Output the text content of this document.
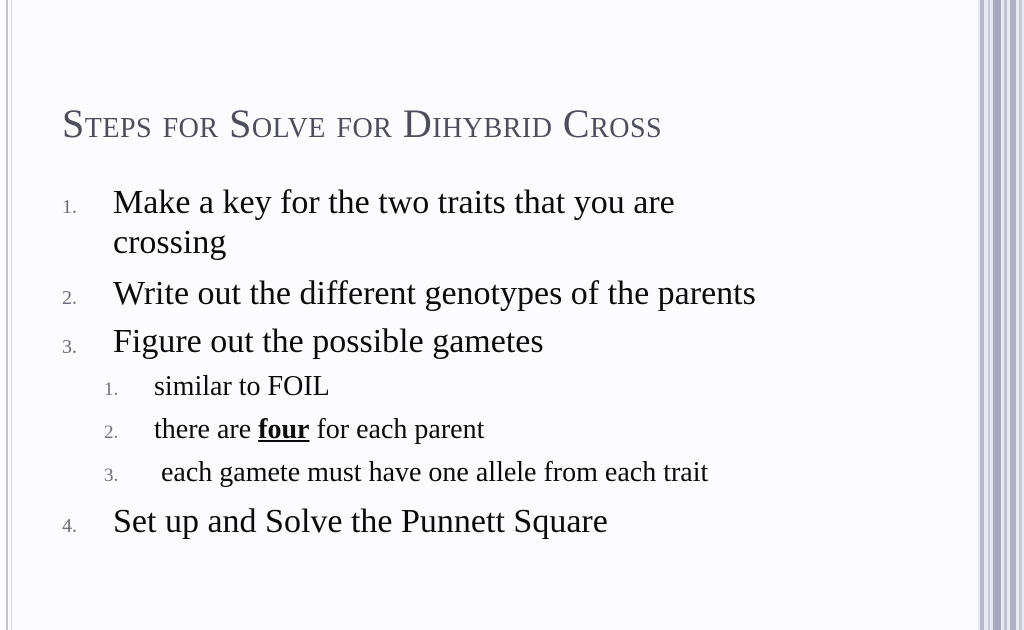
Steps for Solve for Dihybrid Cross
1. Make a key for the two traits that you are
crossing
2. Write out the different genotypes of the parents
3. Figure out the possible gametes
1. similar to FOIL
2. there are four for each parent
3. each gamete must have one allele from each trait
4. Set up and Solve the Punnett Square
